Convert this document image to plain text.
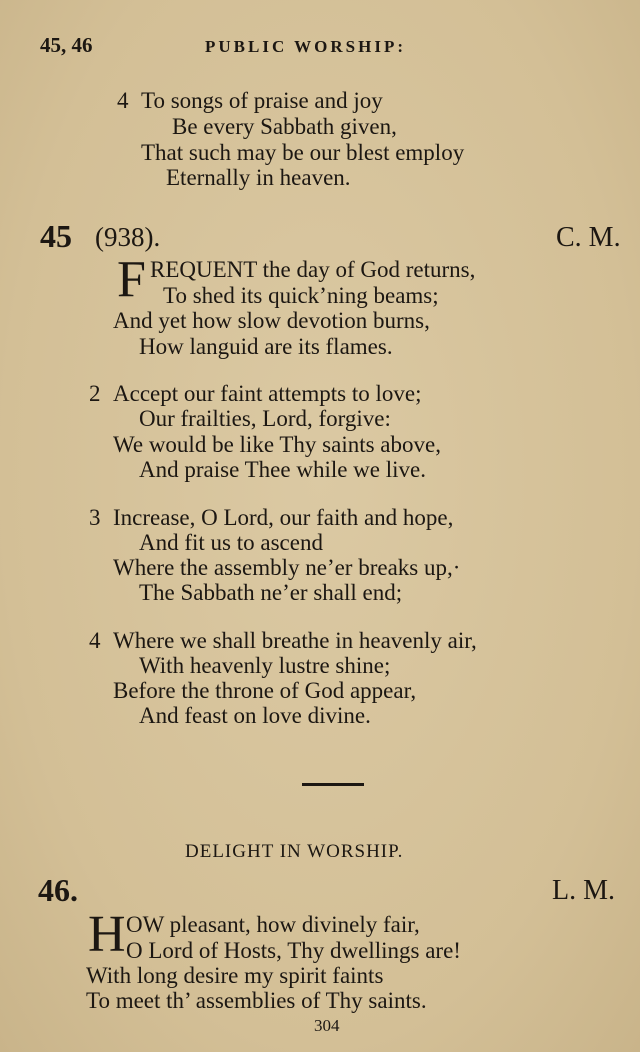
45, 46	PUBLIC WORSHIP:
4 To songs of praise and joy
Be every Sabbath given,
That such may be our blest employ
Eternally in heaven.
45 (938).	C. M.
F REQUENT the day of God returns,
To shed its quick’ning beams;
And yet how slow devotion burns,
How languid are its flames.
2 Accept our faint attempts to love;
Our frailties, Lord, forgive:
We would be like Thy saints above,
And praise Thee while we live.
3 Increase, O Lord, our faith and hope,
And fit us to ascend
Where the assembly ne’er breaks up,·
The Sabbath ne’er shall end;
4 Where we shall breathe in heavenly air,
With heavenly lustre shine;
Before the throne of God appear,
And feast on love divine.
DELIGHT IN WORSHIP.
46.	L. M.
H OW pleasant, how divinely fair,
O Lord of Hosts, Thy dwellings are!
With long desire my spirit faints
To meet th’ assemblies of Thy saints.
304
